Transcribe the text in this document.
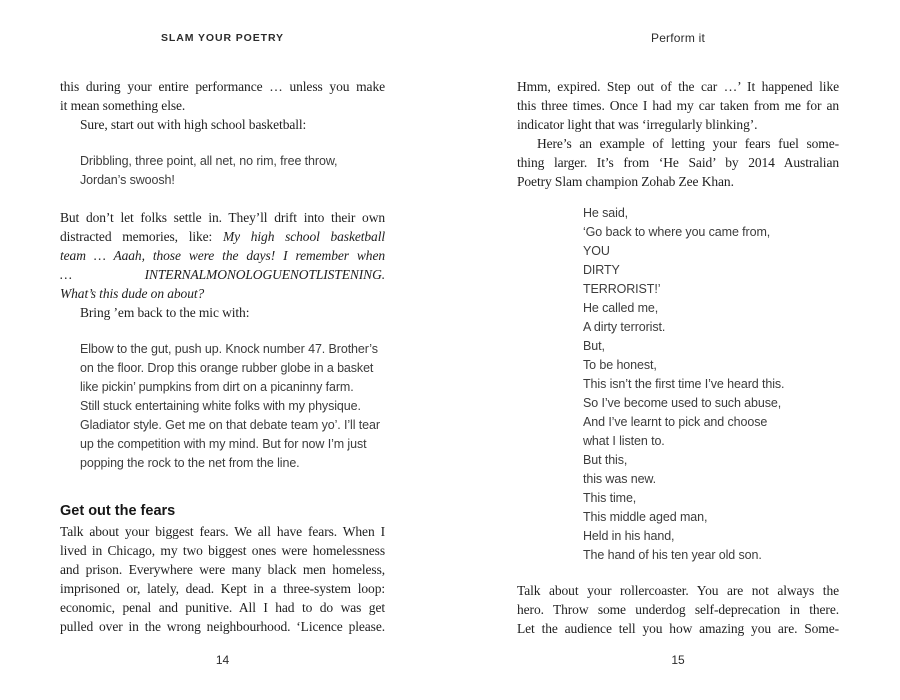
SLAM YOUR POETRY
this during your entire performance … unless you make
it mean something else.
Sure, start out with high school basketball:
Dribbling, three point, all net, no rim, free throw,
Jordan’s swoosh!
But don’t let folks settle in. They’ll drift into their own
distracted memories, like: My high school basketball
team … Aaah, those were the days! I remember when
… INTERNALMONOLOGUENOTLISTENING.
What’s this dude on about?
Bring ’em back to the mic with:
Elbow to the gut, push up. Knock number 47. Brother’s
on the floor. Drop this orange rubber globe in a basket
like pickin’ pumpkins from dirt on a picaninny farm.
Still stuck entertaining white folks with my physique.
Gladiator style. Get me on that debate team yo’. I’ll tear
up the competition with my mind. But for now I’m just
popping the rock to the net from the line.
Get out the fears
Talk about your biggest fears. We all have fears. When I
lived in Chicago, my two biggest ones were homelessness
and prison. Everywhere were many black men homeless,
imprisoned or, lately, dead. Kept in a three-system loop:
economic, penal and punitive. All I had to do was get
pulled over in the wrong neighbourhood. ‘Licence please.
14
Perform it
Hmm, expired. Step out of the car …’ It happened like
this three times. Once I had my car taken from me for an
indicator light that was ‘irregularly blinking’.
Here’s an example of letting your fears fuel some-
thing larger. It’s from ‘He Said’ by 2014 Australian
Poetry Slam champion Zohab Zee Khan.
He said,
‘Go back to where you came from,
YOU
DIRTY
TERRORIST!’
He called me,
A dirty terrorist.
But,
To be honest,
This isn’t the first time I’ve heard this.
So I’ve become used to such abuse,
And I’ve learnt to pick and choose
what I listen to.
But this,
this was new.
This time,
This middle aged man,
Held in his hand,
The hand of his ten year old son.
Talk about your rollercoaster. You are not always the
hero. Throw some underdog self-deprecation in there.
Let the audience tell you how amazing you are. Some-
15
